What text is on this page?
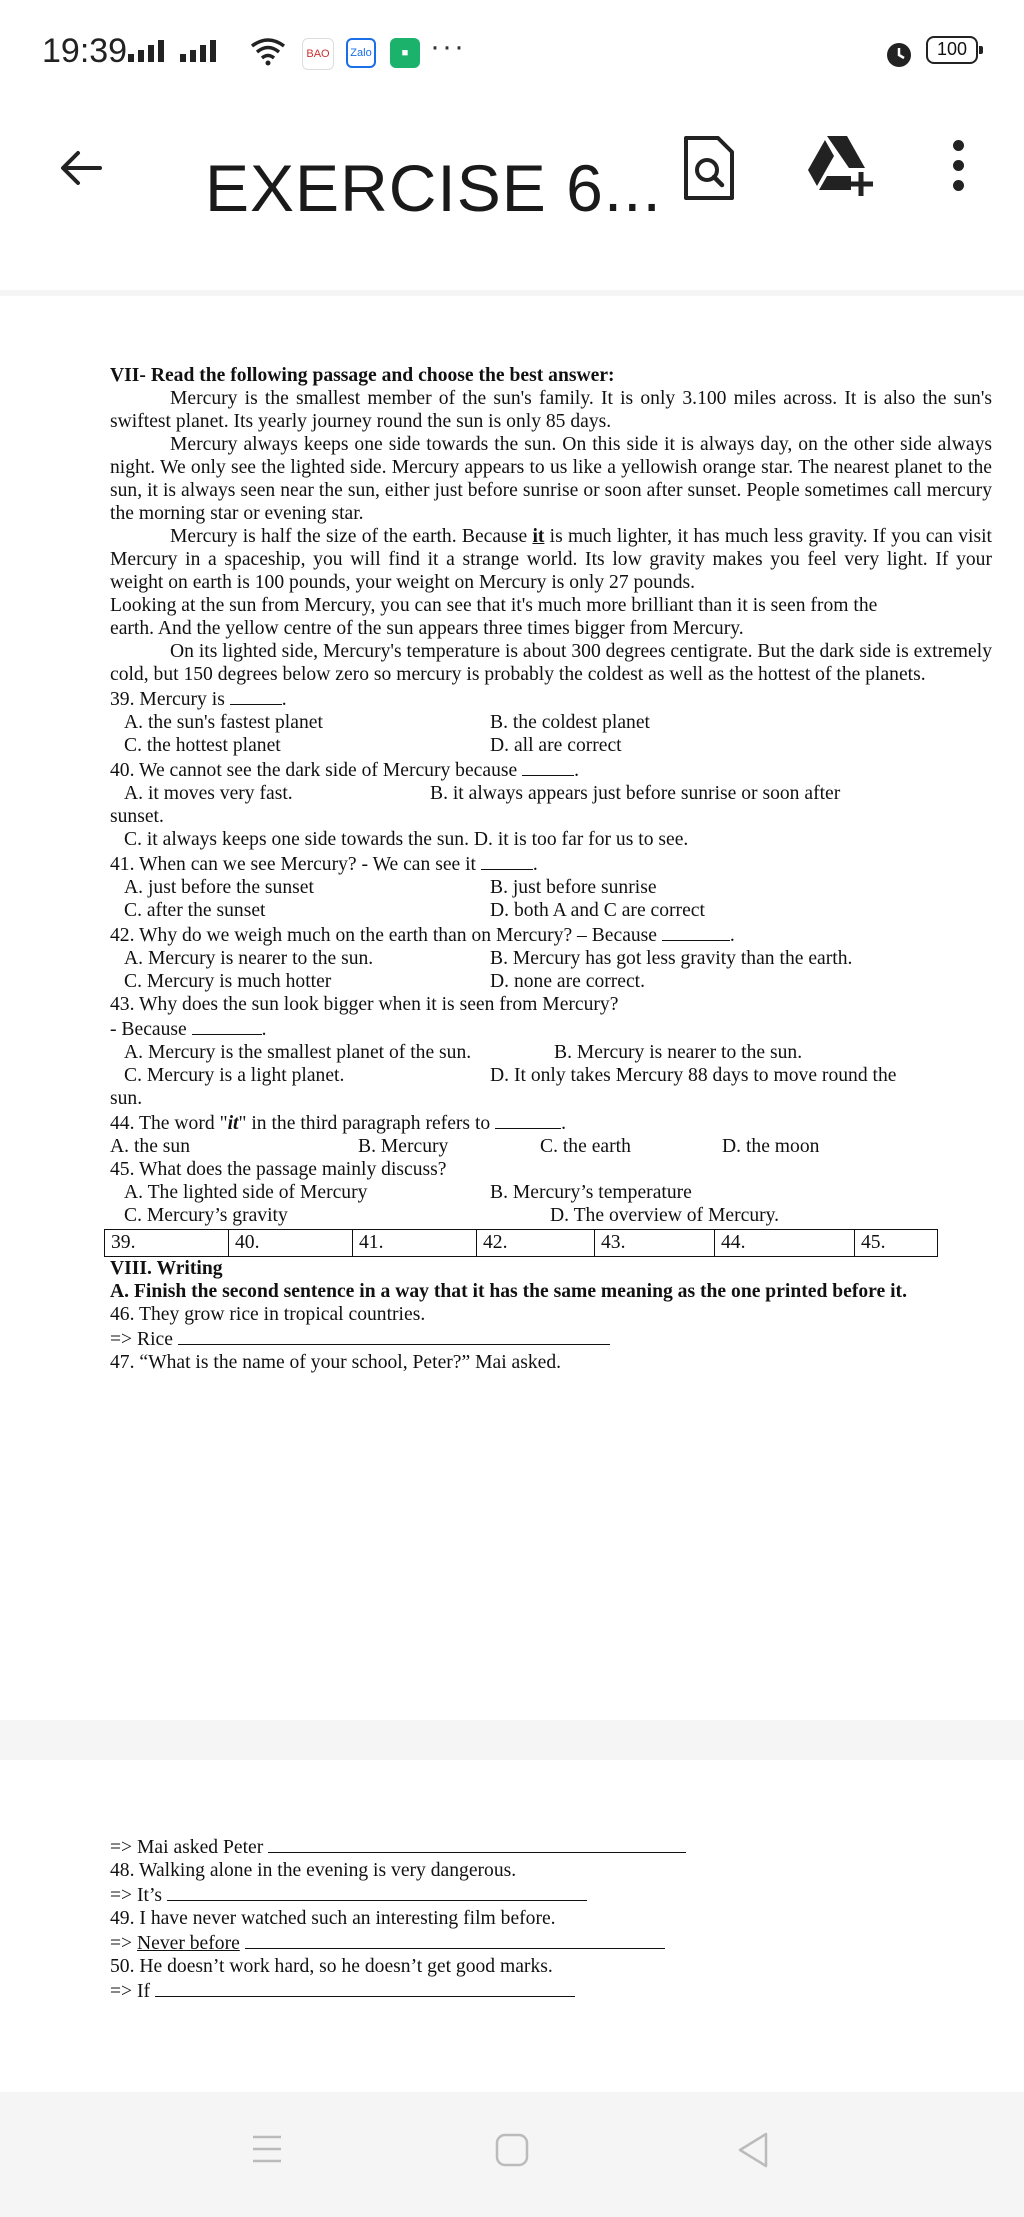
19:39	BAO	Zalo	■ ···	100
EXERCISE 6...

VII- Read the following passage and choose the best answer:

Mercury is the smallest member of the sun's family. It is only 3.100 miles across. It is also the sun's swiftest planet. Its yearly journey round the sun is only 85 days.

Mercury always keeps one side towards the sun. On this side it is always day, on the other side always night. We only see the lighted side. Mercury appears to us like a yellowish orange star. The nearest planet to the sun, it is always seen near the sun, either just before sunrise or soon after sunset. People sometimes call mercury the morning star or evening star.

Mercury is half the size of the earth. Because it is much lighter, it has much less gravity. If you can visit Mercury in a spaceship, you will find it a strange world. Its low gravity makes you feel very light. If your weight on earth is 100 pounds, your weight on Mercury is only 27 pounds.

Looking at the sun from Mercury, you can see that it's much more brilliant than it is seen from the

earth. And the yellow centre of the sun appears three times bigger from Mercury.

On its lighted side, Mercury's temperature is about 300 degrees centigrate. But the dark side is extremely cold, but 150 degrees below zero so mercury is probably the coldest as well as the hottest of the planets.

39. Mercury is	.

A. the sun's fastest planet	B. the coldest planet
C. the hottest planet	D. all are correct

40. We cannot see the dark side of Mercury because	.

A. it moves very fast.	B. it always appears just before sunrise or soon after

sunset.

C. it always keeps one side towards the sun. D. it is too far for us to see.

41. When can we see Mercury? - We can see it	.

A. just before the sunset	B. just before sunrise
C. after the sunset	D. both A and C are correct

42. Why do we weigh much on the earth than on Mercury? – Because	.

A. Mercury is nearer to the sun.	B. Mercury has got less gravity than the earth.
C. Mercury is much hotter	D. none are correct.

43. Why does the sun look bigger when it is seen from Mercury?

- Because	.

A. Mercury is the smallest planet of the sun.	B. Mercury is nearer to the sun.
C. Mercury is a light planet.	D. It only takes Mercury 88 days to move round the

sun.

44. The word "it" in the third paragraph refers to	.

A. the sun	B. Mercury	C. the earth	D. the moon

45. What does the passage mainly discuss?

A. The lighted side of Mercury	B. Mercury’s temperature
C. Mercury’s gravity	D. The overview of Mercury.
39.	40.	41.	42.	43.	44.	45.

VIII. Writing

A. Finish the second sentence in a way that it has the same meaning as the one printed before it.

46. They grow rice in tropical countries.

=> Rice

47. “What is the name of your school, Peter?” Mai asked.

=> Mai asked Peter

48. Walking alone in the evening is very dangerous.

=> It’s

49. I have never watched such an interesting film before.

=> Never before

50. He doesn’t work hard, so he doesn’t get good marks.

=> If
